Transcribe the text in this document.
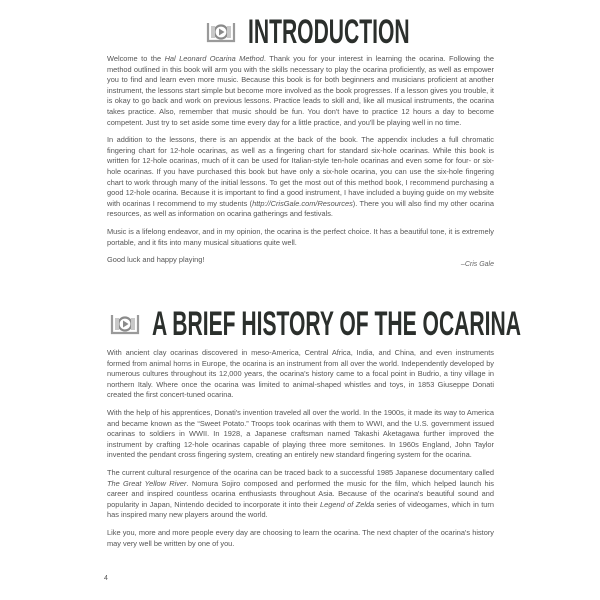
INTRODUCTION

Welcome to the Hal Leonard Ocarina Method. Thank you for your interest in learning the ocarina. Following the method outlined in this book will arm you with the skills necessary to play the ocarina proficiently, as well as empower you to find and learn even more music. Because this book is for both beginners and musicians proficient at another instrument, the lessons start simple but become more involved as the book progresses. If a lesson gives you trouble, it is okay to go back and work on previous lessons. Practice leads to skill and, like all musical instruments, the ocarina takes practice. Also, remember that music should be fun. You don't have to practice 12 hours a day to become competent. Just try to set aside some time every day for a little practice, and you'll be playing well in no time.

In addition to the lessons, there is an appendix at the back of the book. The appendix includes a full chromatic fingering chart for 12-hole ocarinas, as well as a fingering chart for standard six-hole ocarinas. While this book is written for 12-hole ocarinas, much of it can be used for Italian-style ten-hole ocarinas and even some for four- or six-hole ocarinas. If you have purchased this book but have only a six-hole ocarina, you can use the six-hole fingering chart to work through many of the initial lessons. To get the most out of this method book, I recommend purchasing a good 12-hole ocarina. Because it is important to find a good instrument, I have included a buying guide on my website with ocarinas I recommend to my students (http://CrisGale.com/Resources). There you will also find my other ocarina resources, as well as information on ocarina gatherings and festivals.

Music is a lifelong endeavor, and in my opinion, the ocarina is the perfect choice. It has a beautiful tone, it is extremely portable, and it fits into many musical situations quite well.

Good luck and happy playing!

–Cris Gale
A BRIEF HISTORY OF THE OCARINA

With ancient clay ocarinas discovered in meso-America, Central Africa, India, and China, and even instruments formed from animal horns in Europe, the ocarina is an instrument from all over the world. Independently developed by numerous cultures throughout its 12,000 years, the ocarina's history came to a focal point in Budrio, a tiny village in northern Italy. Where once the ocarina was limited to animal-shaped whistles and toys, in 1853 Giuseppe Donati created the first concert-tuned ocarina.

With the help of his apprentices, Donati's invention traveled all over the world. In the 1900s, it made its way to America and became known as the “Sweet Potato.” Troops took ocarinas with them to WWI, and the U.S. government issued ocarinas to soldiers in WWII. In 1928, a Japanese craftsman named Takashi Aketagawa further improved the instrument by crafting 12-hole ocarinas capable of playing three more semitones. In 1960s England, John Taylor invented the pendant cross fingering system, creating an entirely new standard fingering system for the ocarina.

The current cultural resurgence of the ocarina can be traced back to a successful 1985 Japanese documentary called The Great Yellow River. Nomura Sojiro composed and performed the music for the film, which helped launch his career and inspired countless ocarina enthusiasts throughout Asia. Because of the ocarina's beautiful sound and popularity in Japan, Nintendo decided to incorporate it into their Legend of Zelda series of videogames, which in turn has inspired many new players around the world.

Like you, more and more people every day are choosing to learn the ocarina. The next chapter of the ocarina's history may very well be written by one of you.

4
